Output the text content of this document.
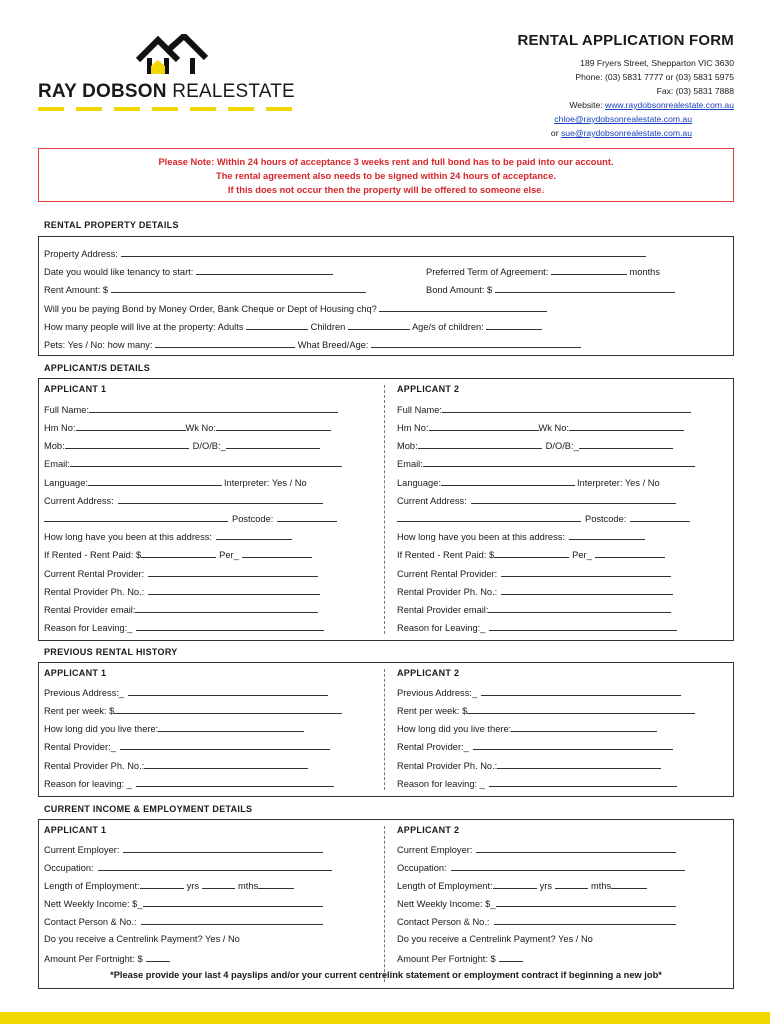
RAY DOBSON REALESTATE
RENTAL APPLICATION FORM
189 Fryers Street, Shepparton VIC 3630
Phone: (03) 5831 7777 or (03) 5831 5975
Fax: (03) 5831 7888
Website: www.raydobsonrealestate.com.au
chloe@raydobsonrealestate.com.au
or sue@raydobsonrealestate.com.au
Please Note: Within 24 hours of acceptance 3 weeks rent and full bond has to be paid into our account.
The rental agreement also needs to be signed within 24 hours of acceptance.
If this does not occur then the property will be offered to someone else.
RENTAL PROPERTY DETAILS
Property Address:
Date you would like tenancy to start:	Preferred Term of Agreement:	months
Rent Amount: $	Bond Amount: $
Will you be paying Bond by Money Order, Bank Cheque or Dept of Housing chq?
How many people will live at the property: Adults	Children	Age/s of children:
Pets: Yes / No: how many:	What Breed/Age:
APPLICANT/S DETAILS
APPLICANT 1	APPLICANT 2
Full Name:
Hm No:	Wk No:
Mob:	D/O/B:_
Email:
Language:	Interpreter: Yes / No
Current Address:
Postcode:
How long have you been at this address:
If Rented - Rent Paid: $	Per_
Current Rental Provider:
Rental Provider Ph. No.:
Rental Provider email:
Reason for Leaving:_
Full Name:
Hm No:	Wk No:
Mob:	D/O/B:_
Email:
Language:	Interpreter: Yes / No
Current Address:
Postcode:
How long have you been at this address:
If Rented - Rent Paid: $	Per_
Current Rental Provider:
Rental Provider Ph. No.:
Rental Provider email:
Reason for Leaving:_
PREVIOUS RENTAL HISTORY
APPLICANT 1	APPLICANT 2
Previous Address:_
Rent per week: $
How long did you live there:
Rental Provider:_
Rental Provider Ph. No.:
Reason for leaving: _
Previous Address:_
Rent per week: $
How long did you live there:
Rental Provider:_
Rental Provider Ph. No.:
Reason for leaving: _
CURRENT INCOME & EMPLOYMENT DETAILS
APPLICANT 1	APPLICANT 2
Current Employer:
Occupation:
Length of Employment:	yrs	mths
Nett Weekly Income: $_
Contact Person & No.:
Do you receive a Centrelink Payment? Yes / No
Amount Per Fortnight: $
Current Employer:
Occupation:
Length of Employment:	yrs	mths
Nett Weekly Income: $_
Contact Person & No.:
Do you receive a Centrelink Payment? Yes / No
Amount Per Fortnight: $
*Please provide your last 4 payslips and/or your current centrelink statement or employment contract if beginning a new job*
